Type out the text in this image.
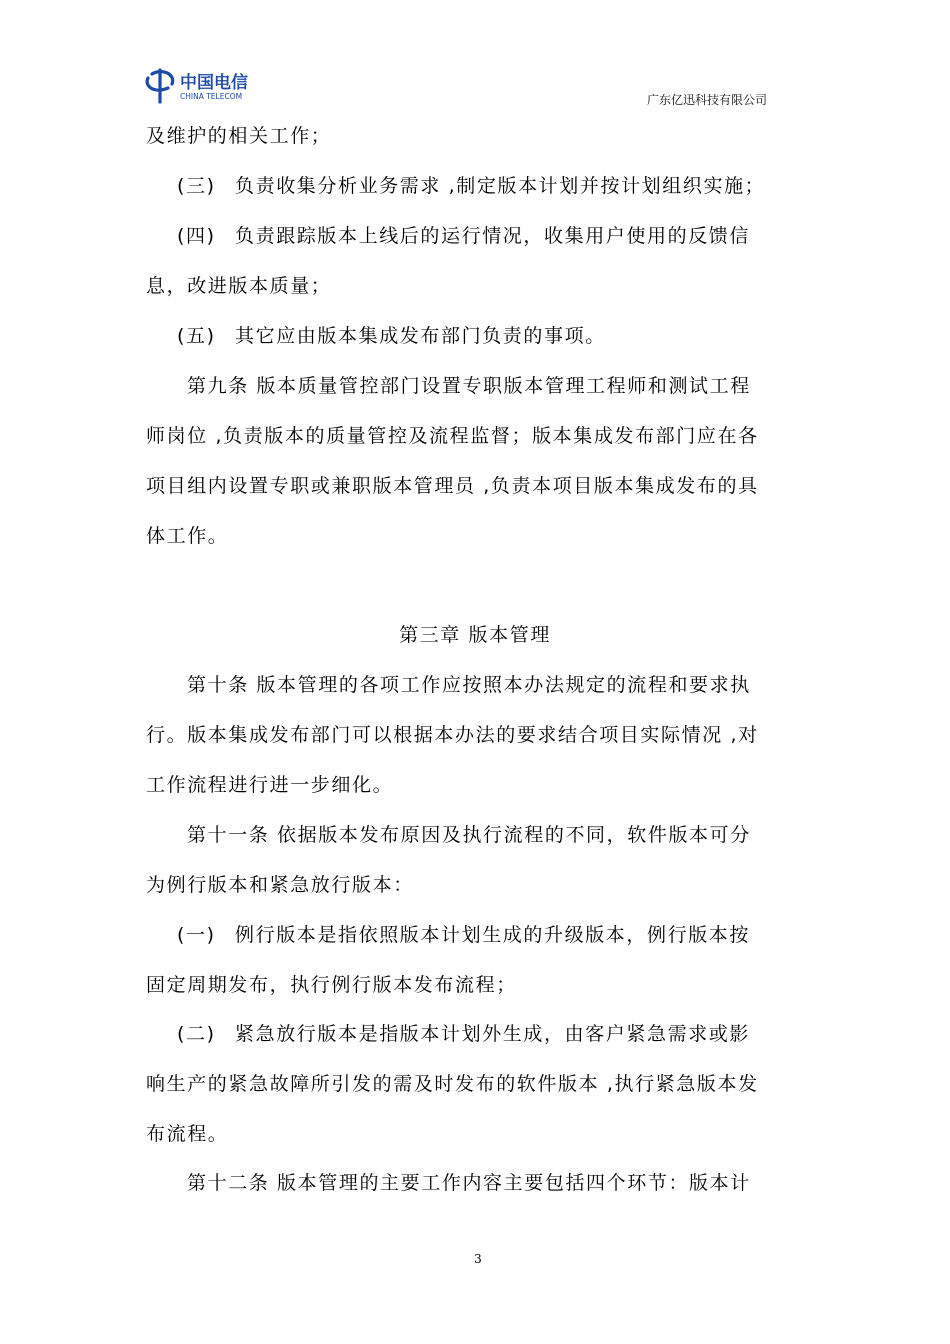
中国电信
CHINA TELECOM	广东亿迅科技有限公司
及维护的相关工作；
(三) 负责收集分析业务需求 ,制定版本计划并按计划组织实施；
(四) 负责跟踪版本上线后的运行情况，收集用户使用的反馈信
息，改进版本质量；
(五) 其它应由版本集成发布部门负责的事项。
第九条 版本质量管控部门设置专职版本管理工程师和测试工程
师岗位 ,负责版本的质量管控及流程监督；版本集成发布部门应在各
项目组内设置专职或兼职版本管理员 ,负责本项目版本集成发布的具
体工作。
第三章 版本管理
第十条 版本管理的各项工作应按照本办法规定的流程和要求执
行。版本集成发布部门可以根据本办法的要求结合项目实际情况 ,对
工作流程进行进一步细化。
第十一条 依据版本发布原因及执行流程的不同，软件版本可分
为例行版本和紧急放行版本：
(一) 例行版本是指依照版本计划生成的升级版本，例行版本按
固定周期发布，执行例行版本发布流程；
(二) 紧急放行版本是指版本计划外生成，由客户紧急需求或影
响生产的紧急故障所引发的需及时发布的软件版本 ,执行紧急版本发
布流程。
第十二条 版本管理的主要工作内容主要包括四个环节：版本计
3
